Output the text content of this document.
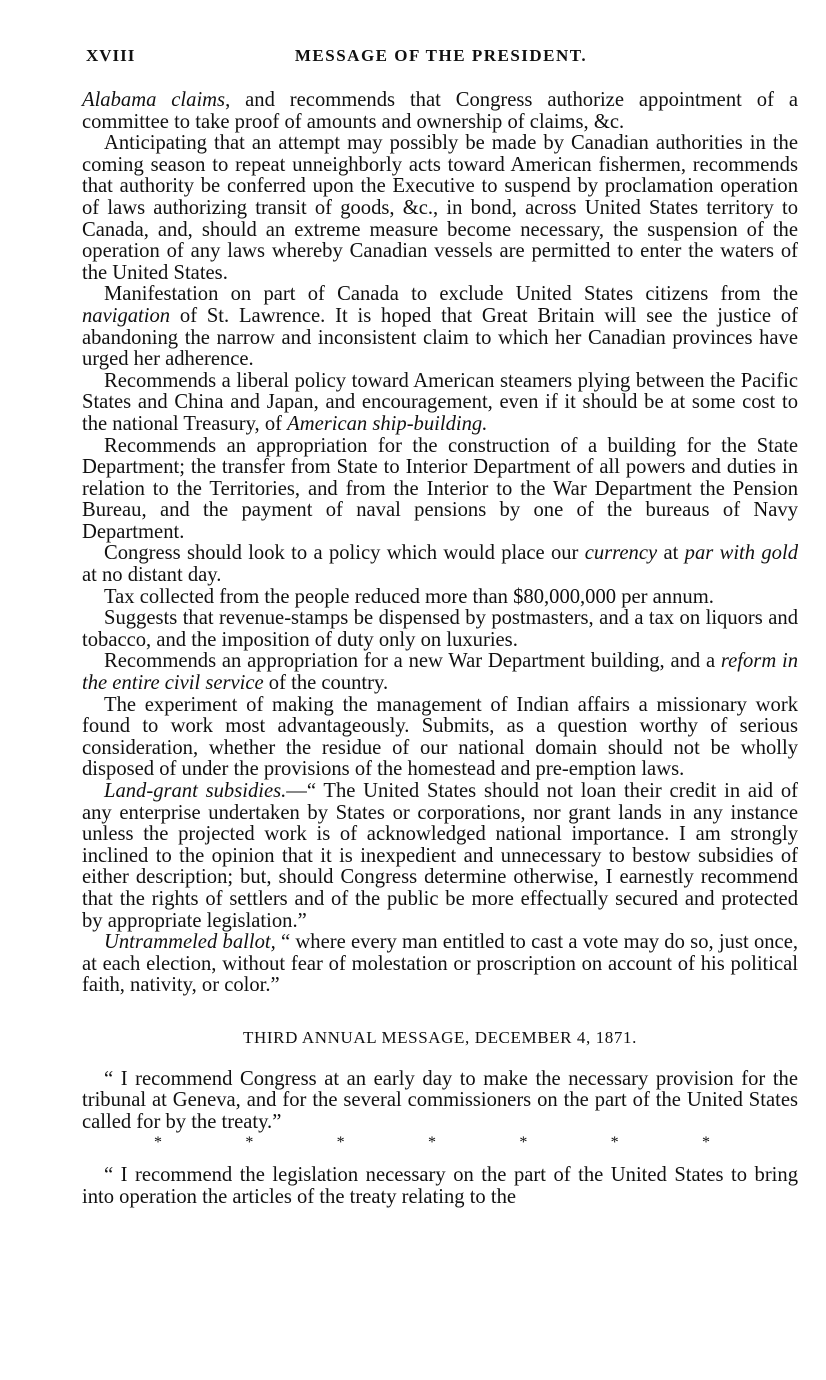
XVIII	MESSAGE OF THE PRESIDENT.

Alabama claims, and recommends that Congress authorize appointment of a committee to take proof of amounts and ownership of claims, &c.

Anticipating that an attempt may possibly be made by Canadian authorities in the coming season to repeat unneighborly acts toward American fishermen, recommends that authority be conferred upon the Executive to suspend by proclamation operation of laws authorizing transit of goods, &c., in bond, across United States territory to Canada, and, should an extreme measure become necessary, the suspension of the operation of any laws whereby Canadian vessels are permitted to enter the waters of the United States.

Manifestation on part of Canada to exclude United States citizens from the navigation of St. Lawrence. It is hoped that Great Britain will see the justice of abandoning the narrow and inconsistent claim to which her Canadian provinces have urged her adherence.

Recommends a liberal policy toward American steamers plying between the Pacific States and China and Japan, and encouragement, even if it should be at some cost to the national Treasury, of American ship-building.

Recommends an appropriation for the construction of a building for the State Department; the transfer from State to Interior Department of all powers and duties in relation to the Territories, and from the Interior to the War Department the Pension Bureau, and the payment of naval pensions by one of the bureaus of Navy Department.

Congress should look to a policy which would place our currency at par with gold at no distant day.

Tax collected from the people reduced more than $80,000,000 per annum.

Suggests that revenue-stamps be dispensed by postmasters, and a tax on liquors and tobacco, and the imposition of duty only on luxuries.

Recommends an appropriation for a new War Department building, and a reform in the entire civil service of the country.

The experiment of making the management of Indian affairs a missionary work found to work most advantageously. Submits, as a question worthy of serious consideration, whether the residue of our national domain should not be wholly disposed of under the provisions of the homestead and pre-emption laws.

Land-grant subsidies.—“ The United States should not loan their credit in aid of any enterprise undertaken by States or corporations, nor grant lands in any instance unless the projected work is of acknowledged national importance. I am strongly inclined to the opinion that it is inexpedient and unnecessary to bestow subsidies of either description; but, should Congress determine otherwise, I earnestly recommend that the rights of settlers and of the public be more effectually secured and protected by appropriate legislation.”

Untrammeled ballot, “ where every man entitled to cast a vote may do so, just once, at each election, without fear of molestation or proscription on account of his political faith, nativity, or color.”

THIRD ANNUAL MESSAGE, DECEMBER 4, 1871.

“ I recommend Congress at an early day to make the necessary provision for the tribunal at Geneva, and for the several commissioners on the part of the United States called for by the treaty.”

*	*	*	*	*	*	*

“ I recommend the legislation necessary on the part of the United States to bring into operation the articles of the treaty relating to the
